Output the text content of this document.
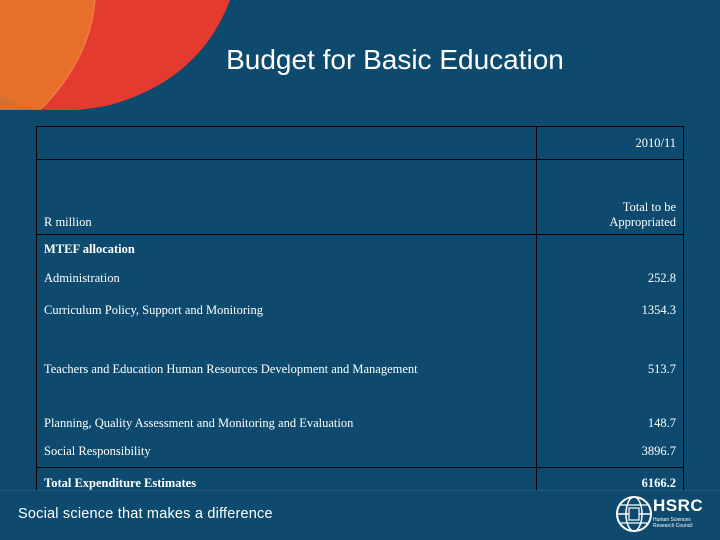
Budget for Basic Education
	2010/11
R million	Total to be
Appropriated
MTEF allocation	
Administration	252.8
Curriculum Policy, Support and Monitoring	1354.3
Teachers and Education Human Resources Development and Management	513.7
Planning, Quality Assessment and Monitoring and Evaluation	148.7
Social Responsibility	3896.7
Total Expenditure Estimates	6166.2
Social science that makes a difference	HSRC
Human Sciences
Research Council
